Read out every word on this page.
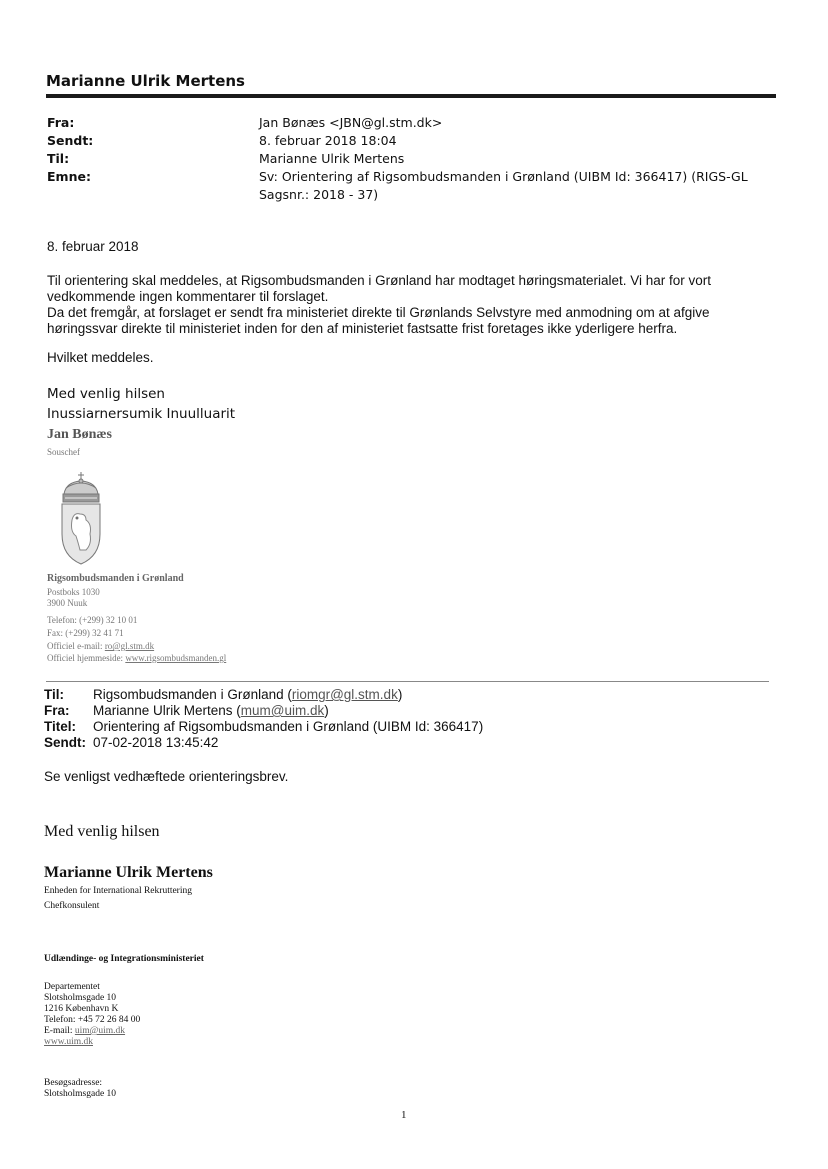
Marianne Ulrik Mertens
Fra:	Jan Bønæs <JBN@gl.stm.dk>
Sendt:	8. februar 2018 18:04
Til:	Marianne Ulrik Mertens
Emne:	Sv: Orientering af Rigsombudsmanden i Grønland (UIBM Id: 366417) (RIGS-GL
Sagsnr.: 2018 - 37)
8. februar 2018
Til orientering skal meddeles, at Rigsombudsmanden i Grønland har modtaget høringsmaterialet. Vi har for vort
vedkommende ingen kommentarer til forslaget.
Da det fremgår, at forslaget er sendt fra ministeriet direkte til Grønlands Selvstyre med anmodning om at afgive
høringssvar direkte til ministeriet inden for den af ministeriet fastsatte frist foretages ikke yderligere herfra.
Hvilket meddeles.
Med venlig hilsen
Inussiarnersumik Inuulluarit
Jan Bønæs
Souschef
Rigsombudsmanden i Grønland
Postboks 1030
3900 Nuuk
Telefon: (+299) 32 10 01
Fax: (+299) 32 41 71
Officiel e-mail: ro@gl.stm.dk
Officiel hjemmeside: www.rigsombudsmanden.gl
Til: Rigsombudsmanden i Grønland (riomgr@gl.stm.dk)
Fra: Marianne Ulrik Mertens (mum@uim.dk)
Titel: Orientering af Rigsombudsmanden i Grønland (UIBM Id: 366417)
Sendt: 07-02-2018 13:45:42
Se venligst vedhæftede orienteringsbrev.
Med venlig hilsen
Marianne Ulrik Mertens
Enheden for International Rekruttering
Chefkonsulent
Udlændinge- og Integrationsministeriet
Departementet
Slotsholmsgade 10
1216 København K
Telefon: +45 72 26 84 00
E-mail: uim@uim.dk
www.uim.dk
Besøgsadresse:
Slotsholmsgade 10
1
